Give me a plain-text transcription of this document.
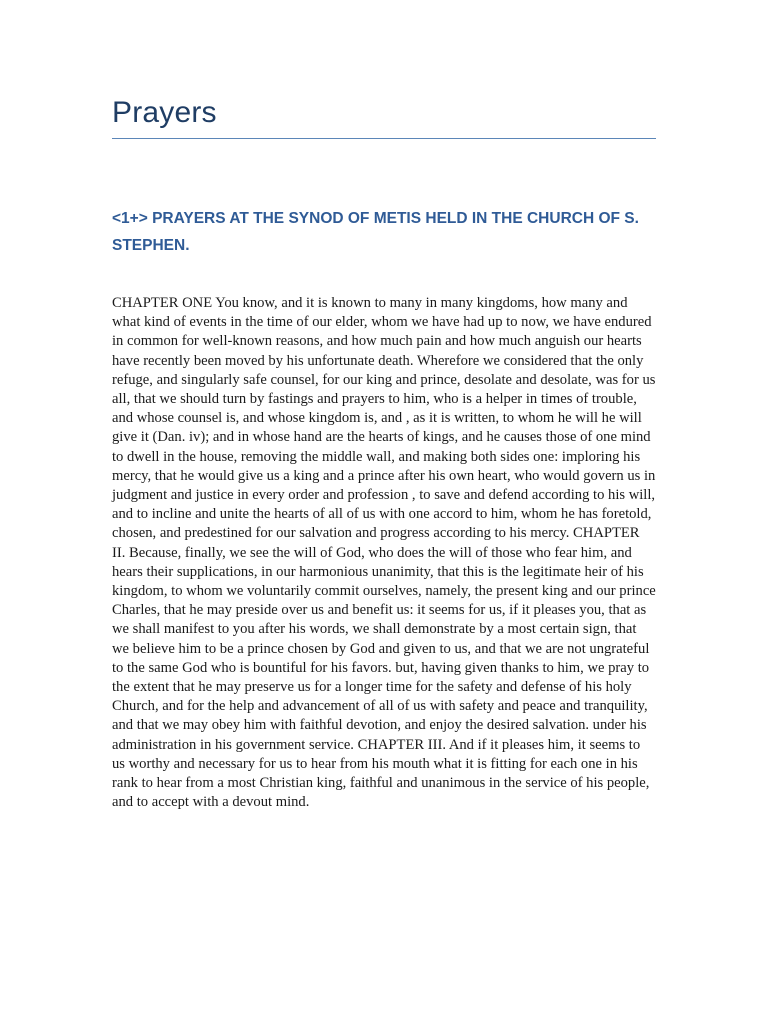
Prayers
<1+> PRAYERS AT THE SYNOD OF METIS HELD IN THE CHURCH OF S. STEPHEN.

CHAPTER ONE You know, and it is known to many in many kingdoms, how many and what kind of events in the time of our elder, whom we have had up to now, we have endured in common for well-known reasons, and how much pain and how much anguish our hearts have recently been moved by his unfortunate death. Wherefore we considered that the only refuge, and singularly safe counsel, for our king and prince, desolate and desolate, was for us all, that we should turn by fastings and prayers to him, who is a helper in times of trouble, and whose counsel is, and whose kingdom is, and , as it is written, to whom he will he will give it (Dan. iv); and in whose hand are the hearts of kings, and he causes those of one mind to dwell in the house, removing the middle wall, and making both sides one: imploring his mercy, that he would give us a king and a prince after his own heart, who would govern us in judgment and justice in every order and profession , to save and defend according to his will, and to incline and unite the hearts of all of us with one accord to him, whom he has foretold, chosen, and predestined for our salvation and progress according to his mercy. CHAPTER II. Because, finally, we see the will of God, who does the will of those who fear him, and hears their supplications, in our harmonious unanimity, that this is the legitimate heir of his kingdom, to whom we voluntarily commit ourselves, namely, the present king and our prince Charles, that he may preside over us and benefit us: it seems for us, if it pleases you, that as we shall manifest to you after his words, we shall demonstrate by a most certain sign, that we believe him to be a prince chosen by God and given to us, and that we are not ungrateful to the same God who is bountiful for his favors. but, having given thanks to him, we pray to the extent that he may preserve us for a longer time for the safety and defense of his holy Church, and for the help and advancement of all of us with safety and peace and tranquility, and that we may obey him with faithful devotion, and enjoy the desired salvation. under his administration in his government service. CHAPTER III. And if it pleases him, it seems to us worthy and necessary for us to hear from his mouth what it is fitting for each one in his rank to hear from a most Christian king, faithful and unanimous in the service of his people, and to accept with a devout mind.
